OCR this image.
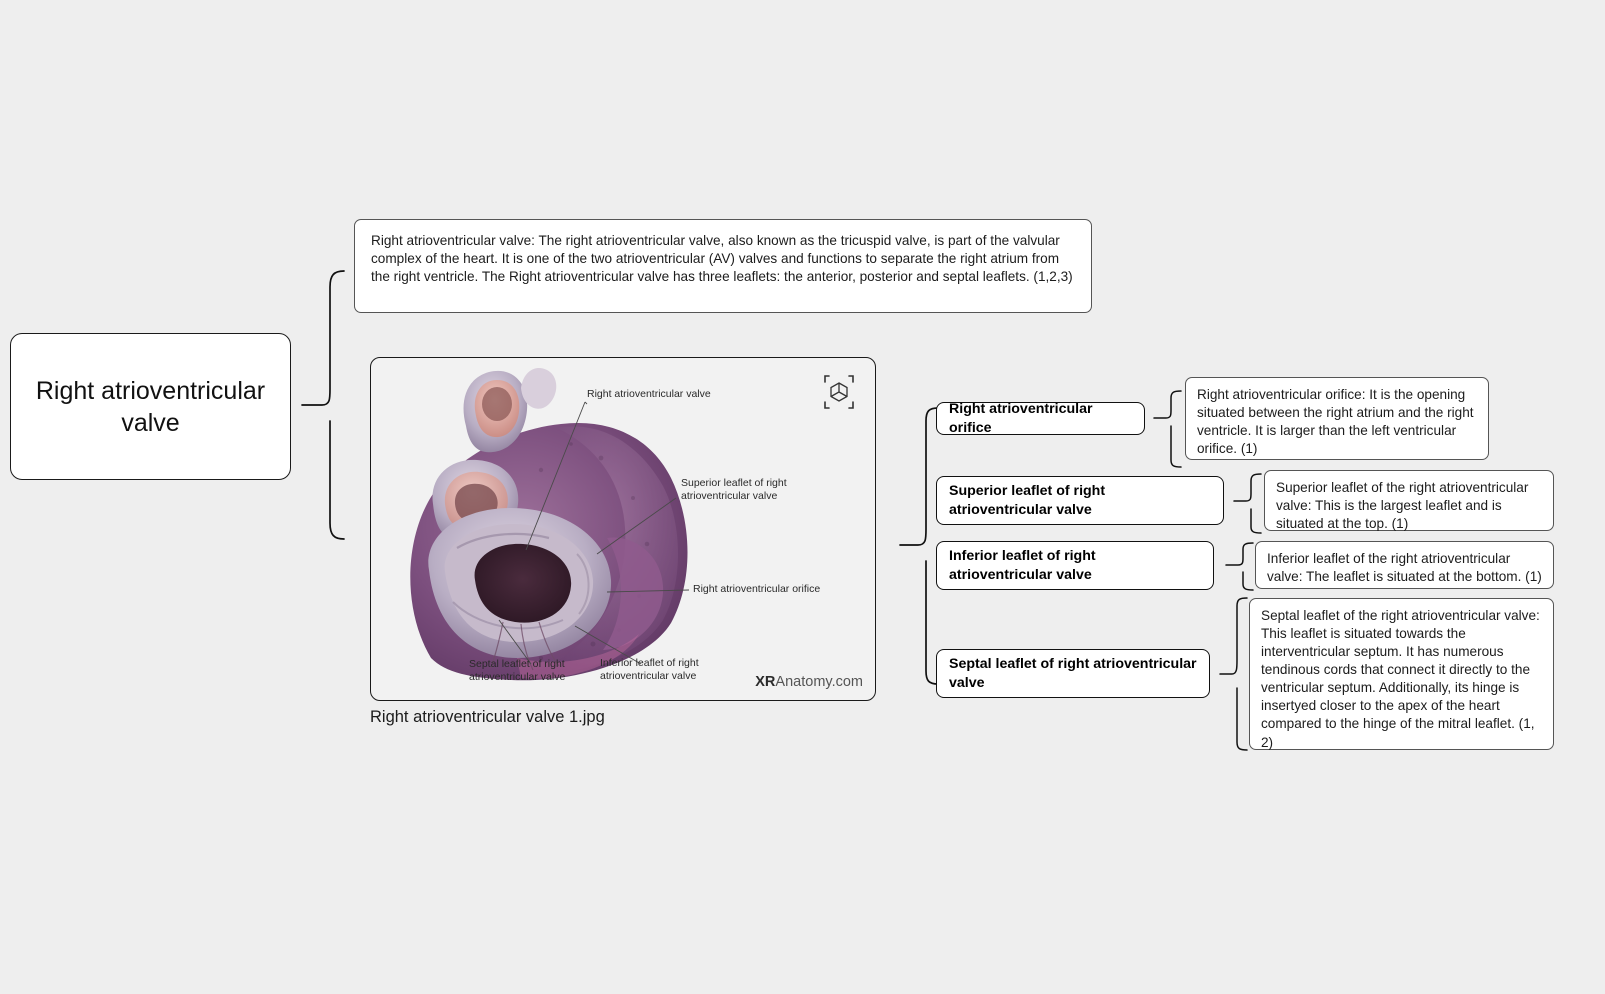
Right atrioventricular valve
Right atrioventricular valve: The right atrioventricular valve, also known as the tricuspid valve, is part of the valvular complex of the heart. It is one of the two atrioventricular (AV) valves and functions to separate the right atrium from the right ventricle. The Right atrioventricular valve has three leaflets: the anterior, posterior and septal leaflets. (1,2,3)
Right atrioventricular valve
Superior leaflet of right atrioventricular valve
Right atrioventricular orifice
Inferior leaflet of right atrioventricular valve
Septal leaflet of right atrioventricular valve	XRAnatomy.com
Right atrioventricular valve 1.jpg
Right atrioventricular orifice
Superior leaflet of right atrioventricular valve
Inferior leaflet of right atrioventricular valve
Septal leaflet of right atrioventricular valve
Right atrioventricular orifice: It is the opening situated between the right atrium and the right ventricle. It is larger than the left ventricular orifice. (1)
Superior leaflet of the right atrioventricular valve: This is the largest leaflet and is situated at the top. (1)
Inferior leaflet of the right atrioventricular valve: The leaflet is situated at the bottom. (1)
Septal leaflet of the right atrioventricular valve: This leaflet is situated towards the interventricular septum. It has numerous tendinous cords that connect it directly to the ventricular septum. Additionally, its hinge is insertyed closer to the apex of the heart compared to the hinge of the mitral leaflet. (1, 2)
